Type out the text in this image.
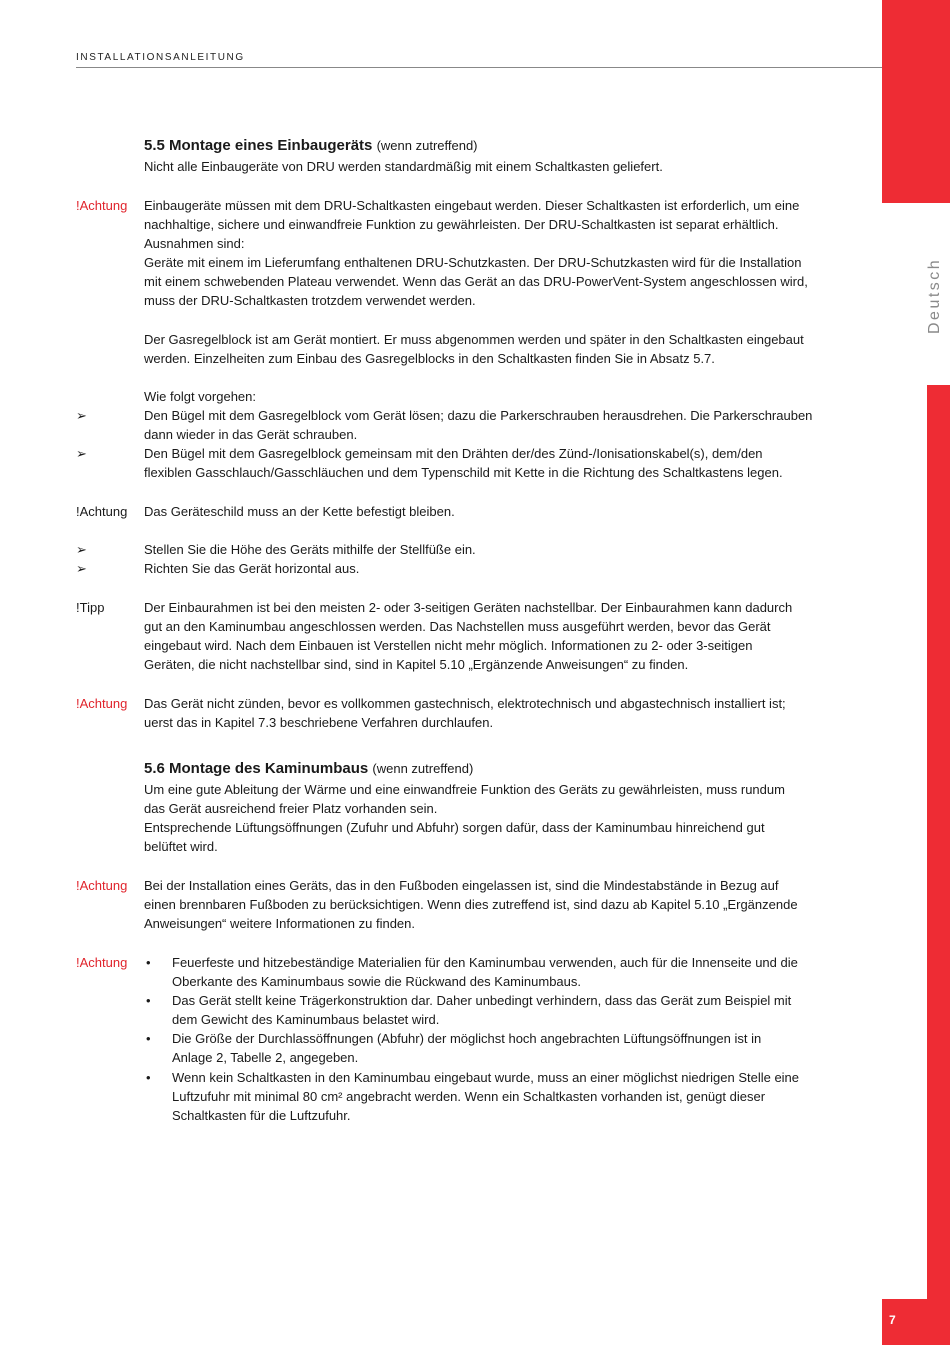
INSTALLATIONSANLEITUNG
Deutsch
7
5.5 Montage eines Einbaugeräts (wenn zutreffend)
Nicht alle Einbaugeräte von DRU werden standardmäßig mit einem Schaltkasten geliefert.
!Achtung Einbaugeräte müssen mit dem DRU-Schaltkasten eingebaut werden. Dieser Schaltkasten ist erforderlich, um eine
nachhaltige, sichere und einwandfreie Funktion zu gewährleisten. Der DRU-Schaltkasten ist separat erhältlich.
Ausnahmen sind:
Geräte mit einem im Lieferumfang enthaltenen DRU-Schutzkasten. Der DRU-Schutzkasten wird für die Installation
mit einem schwebenden Plateau verwendet. Wenn das Gerät an das DRU-PowerVent-System angeschlossen wird,
muss der DRU-Schaltkasten trotzdem verwendet werden.
Der Gasregelblock ist am Gerät montiert. Er muss abgenommen werden und später in den Schaltkasten eingebaut
werden. Einzelheiten zum Einbau des Gasregelblocks in den Schaltkasten finden Sie in Absatz 5.7.
Wie folgt vorgehen:
➢	Den Bügel mit dem Gasregelblock vom Gerät lösen; dazu die Parkerschrauben herausdrehen. Die Parkerschrauben
dann wieder in das Gerät schrauben.
➢	Den Bügel mit dem Gasregelblock gemeinsam mit den Drähten der/des Zünd-/Ionisationskabel(s), dem/den
flexiblen Gasschlauch/Gasschläuchen und dem Typenschild mit Kette in die Richtung des Schaltkastens legen.
!Achtung Das Geräteschild muss an der Kette befestigt bleiben.
➢	Stellen Sie die Höhe des Geräts mithilfe der Stellfüße ein.
➢	Richten Sie das Gerät horizontal aus.
!Tipp	Der Einbaurahmen ist bei den meisten 2- oder 3-seitigen Geräten nachstellbar. Der Einbaurahmen kann dadurch
gut an den Kaminumbau angeschlossen werden. Das Nachstellen muss ausgeführt werden, bevor das Gerät
eingebaut wird. Nach dem Einbauen ist Verstellen nicht mehr möglich. Informationen zu 2- oder 3-seitigen
Geräten, die nicht nachstellbar sind, sind in Kapitel 5.10 „Ergänzende Anweisungen“ zu finden.
!Achtung Das Gerät nicht zünden, bevor es vollkommen gastechnisch, elektrotechnisch und abgastechnisch installiert ist;
uerst das in Kapitel 7.3 beschriebene Verfahren durchlaufen.
5.6 Montage des Kaminumbaus (wenn zutreffend)
Um eine gute Ableitung der Wärme und eine einwandfreie Funktion des Geräts zu gewährleisten, muss rundum
das Gerät ausreichend freier Platz vorhanden sein.
Entsprechende Lüftungsöffnungen (Zufuhr und Abfuhr) sorgen dafür, dass der Kaminumbau hinreichend gut
belüftet wird.
!Achtung Bei der Installation eines Geräts, das in den Fußboden eingelassen ist, sind die Mindestabstände in Bezug auf
einen brennbaren Fußboden zu berücksichtigen. Wenn dies zutreffend ist, sind dazu ab Kapitel 5.10 „Ergänzende
Anweisungen“ weitere Informationen zu finden.
!Achtung • Feuerfeste und hitzebeständige Materialien für den Kaminumbau verwenden, auch für die Innenseite und die
Oberkante des Kaminumbaus sowie die Rückwand des Kaminumbaus.
• Das Gerät stellt keine Trägerkonstruktion dar. Daher unbedingt verhindern, dass das Gerät zum Beispiel mit
dem Gewicht des Kaminumbaus belastet wird.
• Die Größe der Durchlassöffnungen (Abfuhr) der möglichst hoch angebrachten Lüftungsöffnungen ist in
Anlage 2, Tabelle 2, angegeben.
• Wenn kein Schaltkasten in den Kaminumbau eingebaut wurde, muss an einer möglichst niedrigen Stelle eine
Luftzufuhr mit minimal 80 cm² angebracht werden. Wenn ein Schaltkasten vorhanden ist, genügt dieser
Schaltkasten für die Luftzufuhr.
